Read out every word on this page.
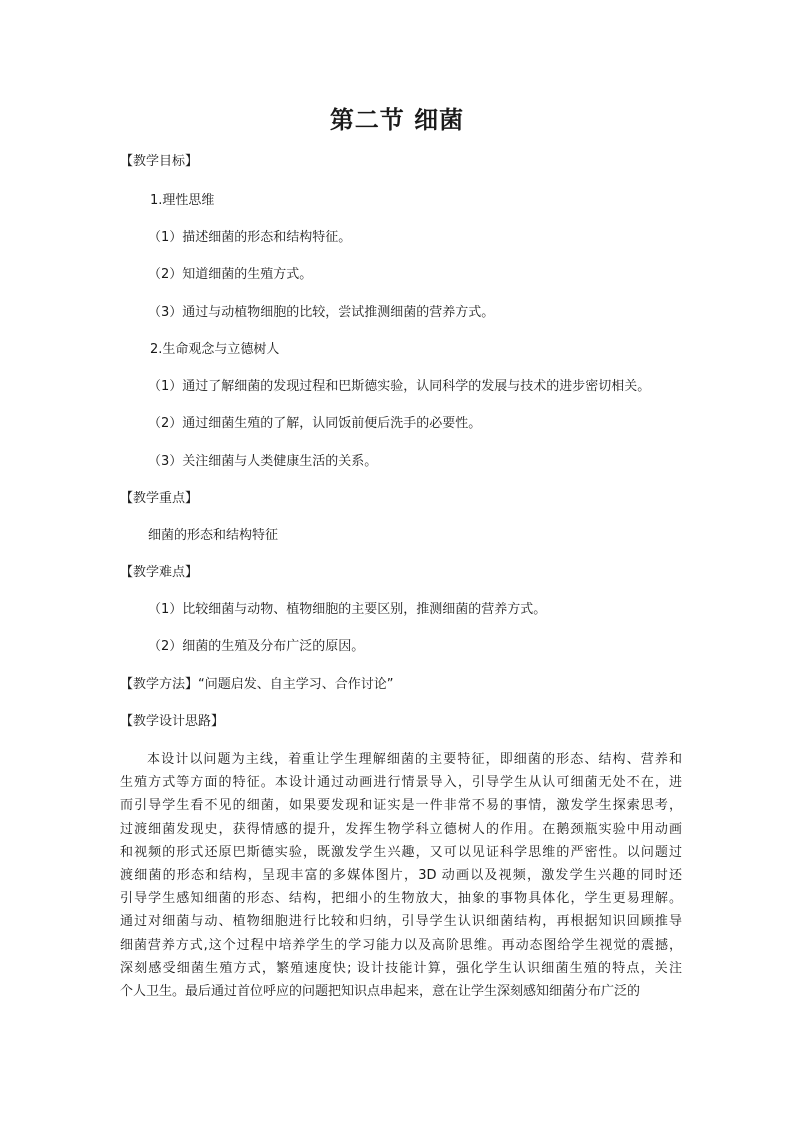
第二节 细菌

【教学目标】

1.理性思维

（1）描述细菌的形态和结构特征。

（2）知道细菌的生殖方式。

（3）通过与动植物细胞的比较，尝试推测细菌的营养方式。

2.生命观念与立德树人

（1）通过了解细菌的发现过程和巴斯德实验，认同科学的发展与技术的进步密切相关。

（2）通过细菌生殖的了解，认同饭前便后洗手的必要性。

（3）关注细菌与人类健康生活的关系。

【教学重点】

细菌的形态和结构特征

【教学难点】

（1）比较细菌与动物、植物细胞的主要区别，推测细菌的营养方式。

（2）细菌的生殖及分布广泛的原因。

【教学方法】“问题启发、自主学习、合作讨论”

【教学设计思路】

本设计以问题为主线，着重让学生理解细菌的主要特征，即细菌的形态、结构、营养和
生殖方式等方面的特征。本设计通过动画进行情景导入，引导学生从认可细菌无处不在，进
而引导学生看不见的细菌，如果要发现和证实是一件非常不易的事情，激发学生探索思考，
过渡细菌发现史，获得情感的提升，发挥生物学科立德树人的作用。在鹅颈瓶实验中用动画
和视频的形式还原巴斯德实验，既激发学生兴趣，又可以见证科学思维的严密性。以问题过
渡细菌的形态和结构，呈现丰富的多媒体图片，3D 动画以及视频，激发学生兴趣的同时还
引导学生感知细菌的形态、结构，把细小的生物放大，抽象的事物具体化，学生更易理解。
通过对细菌与动、植物细胞进行比较和归纳，引导学生认识细菌结构，再根据知识回顾推导
细菌营养方式,这个过程中培养学生的学习能力以及高阶思维。再动态图给学生视觉的震撼，
深刻感受细菌生殖方式，繁殖速度快; 设计技能计算，强化学生认识细菌生殖的特点，关注
个人卫生。最后通过首位呼应的问题把知识点串起来，意在让学生深刻感知细菌分布广泛的
